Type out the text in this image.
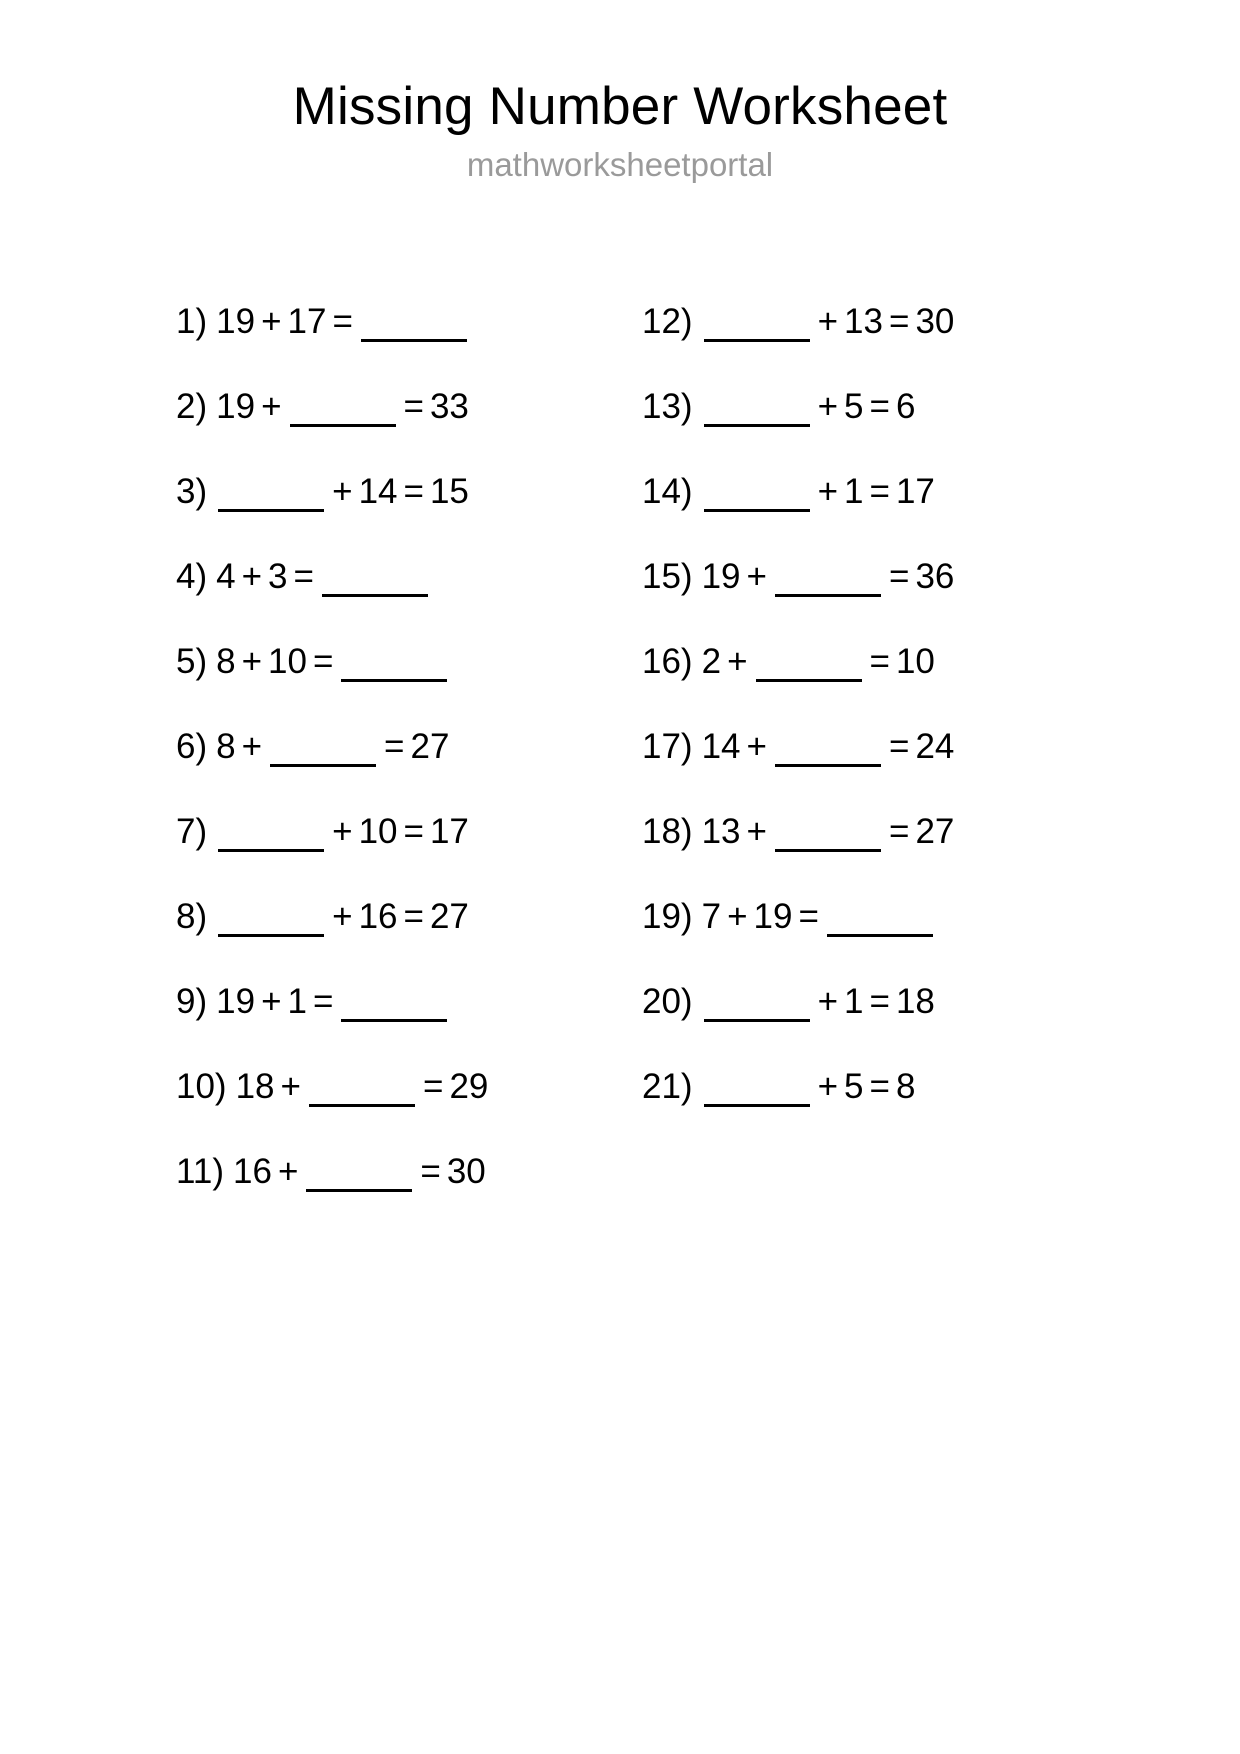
Missing Number Worksheet
mathworksheetportal
1) 19 + 17 =
2) 19 +	= 33
3)	+ 14 = 15
4) 4 + 3 =
5) 8 + 10 =
6) 8 +	= 27
7)	+ 10 = 17
8)	+ 16 = 27
9) 19 + 1 =
10) 18 +	= 29
11) 16 +	= 30
12)	+ 13 = 30
13)	+ 5 = 6
14)	+ 1 = 17
15) 19 +	= 36
16) 2 +	= 10
17) 14 +	= 24
18) 13 +	= 27
19) 7 + 19 =
20)	+ 1 = 18
21)	+ 5 = 8
